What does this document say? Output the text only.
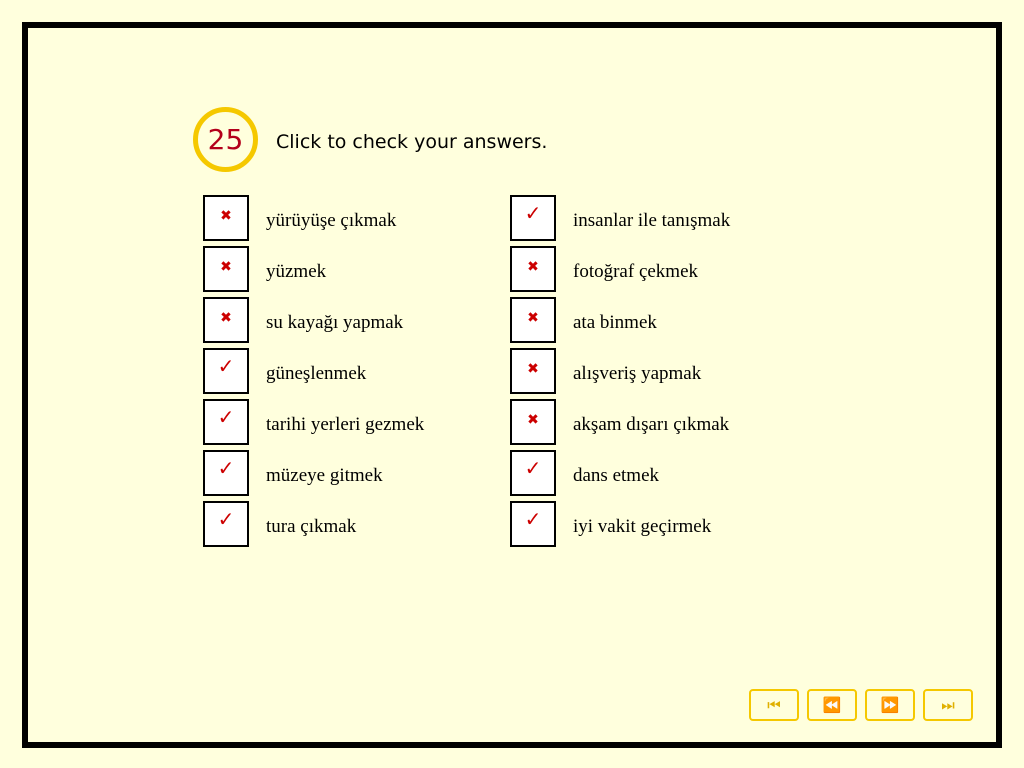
25 Click to check your answers.
✖ yürüyüşe çıkmak
✖ yüzmek
✖ su kayağı yapmak
✓ güneşlenmek
✓ tarihi yerleri gezmek
✓ müzeye gitmek
✓ tura çıkmak
✓ insanlar ile tanışmak
✖ fotoğraf çekmek
✖ ata binmek
✖ alışveriş yapmak
✖ akşam dışarı çıkmak
✓ dans etmek
✓ iyi vakit geçirmek
⏮	⏪	⏩	⏭
